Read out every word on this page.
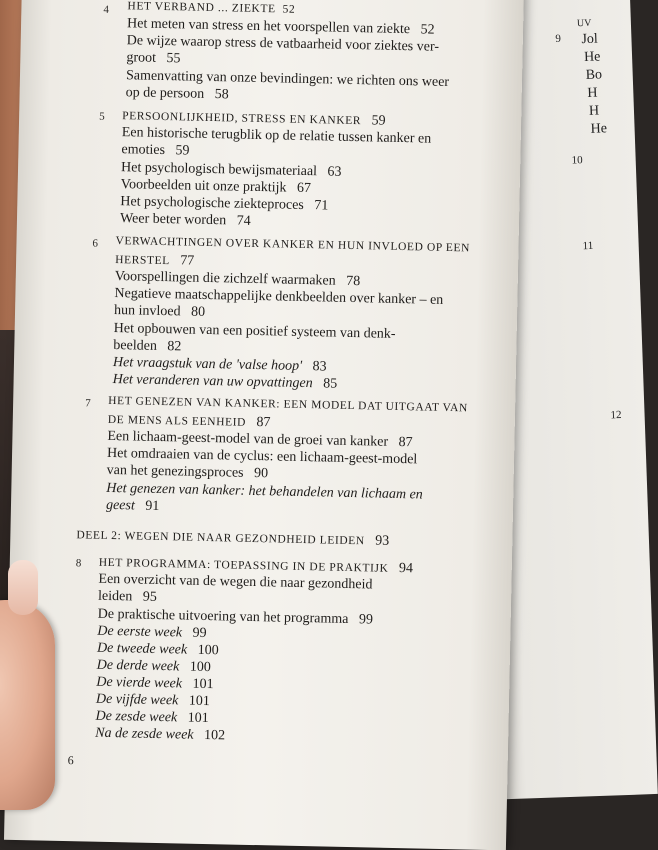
9
UV
Jol
He
Bo
H
H
He
10
11
12
4 HET VERBAND ... ZIEKTE 52
Het meten van stress en het voorspellen van ziekte 52
De wijze waarop stress de vatbaarheid voor ziektes ver-
groot 55
Samenvatting van onze bevindingen: we richten ons weer
op de persoon 58
5 PERSOONLIJKHEID, STRESS EN KANKER 59
Een historische terugblik op de relatie tussen kanker en
emoties 59
Het psychologisch bewijsmateriaal 63
Voorbeelden uit onze praktijk 67
Het psychologische ziekteproces 71
Weer beter worden 74
6 VERWACHTINGEN OVER KANKER EN HUN INVLOED OP EEN
HERSTEL 77
Voorspellingen die zichzelf waarmaken 78
Negatieve maatschappelijke denkbeelden over kanker – en
hun invloed 80
Het opbouwen van een positief systeem van denk-
beelden 82
Het vraagstuk van de 'valse hoop' 83
Het veranderen van uw opvattingen 85
7 HET GENEZEN VAN KANKER: EEN MODEL DAT UITGAAT VAN
DE MENS ALS EENHEID 87
Een lichaam-geest-model van de groei van kanker 87
Het omdraaien van de cyclus: een lichaam-geest-model
van het genezingsproces 90
Het genezen van kanker: het behandelen van lichaam en
geest 91
DEEL 2: WEGEN DIE NAAR GEZONDHEID LEIDEN 93
8 HET PROGRAMMA: TOEPASSING IN DE PRAKTIJK 94
Een overzicht van de wegen die naar gezondheid
leiden 95
De praktische uitvoering van het programma 99
De eerste week 99
De tweede week 100
De derde week 100
De vierde week 101
De vijfde week 101
De zesde week 101
Na de zesde week 102
6
